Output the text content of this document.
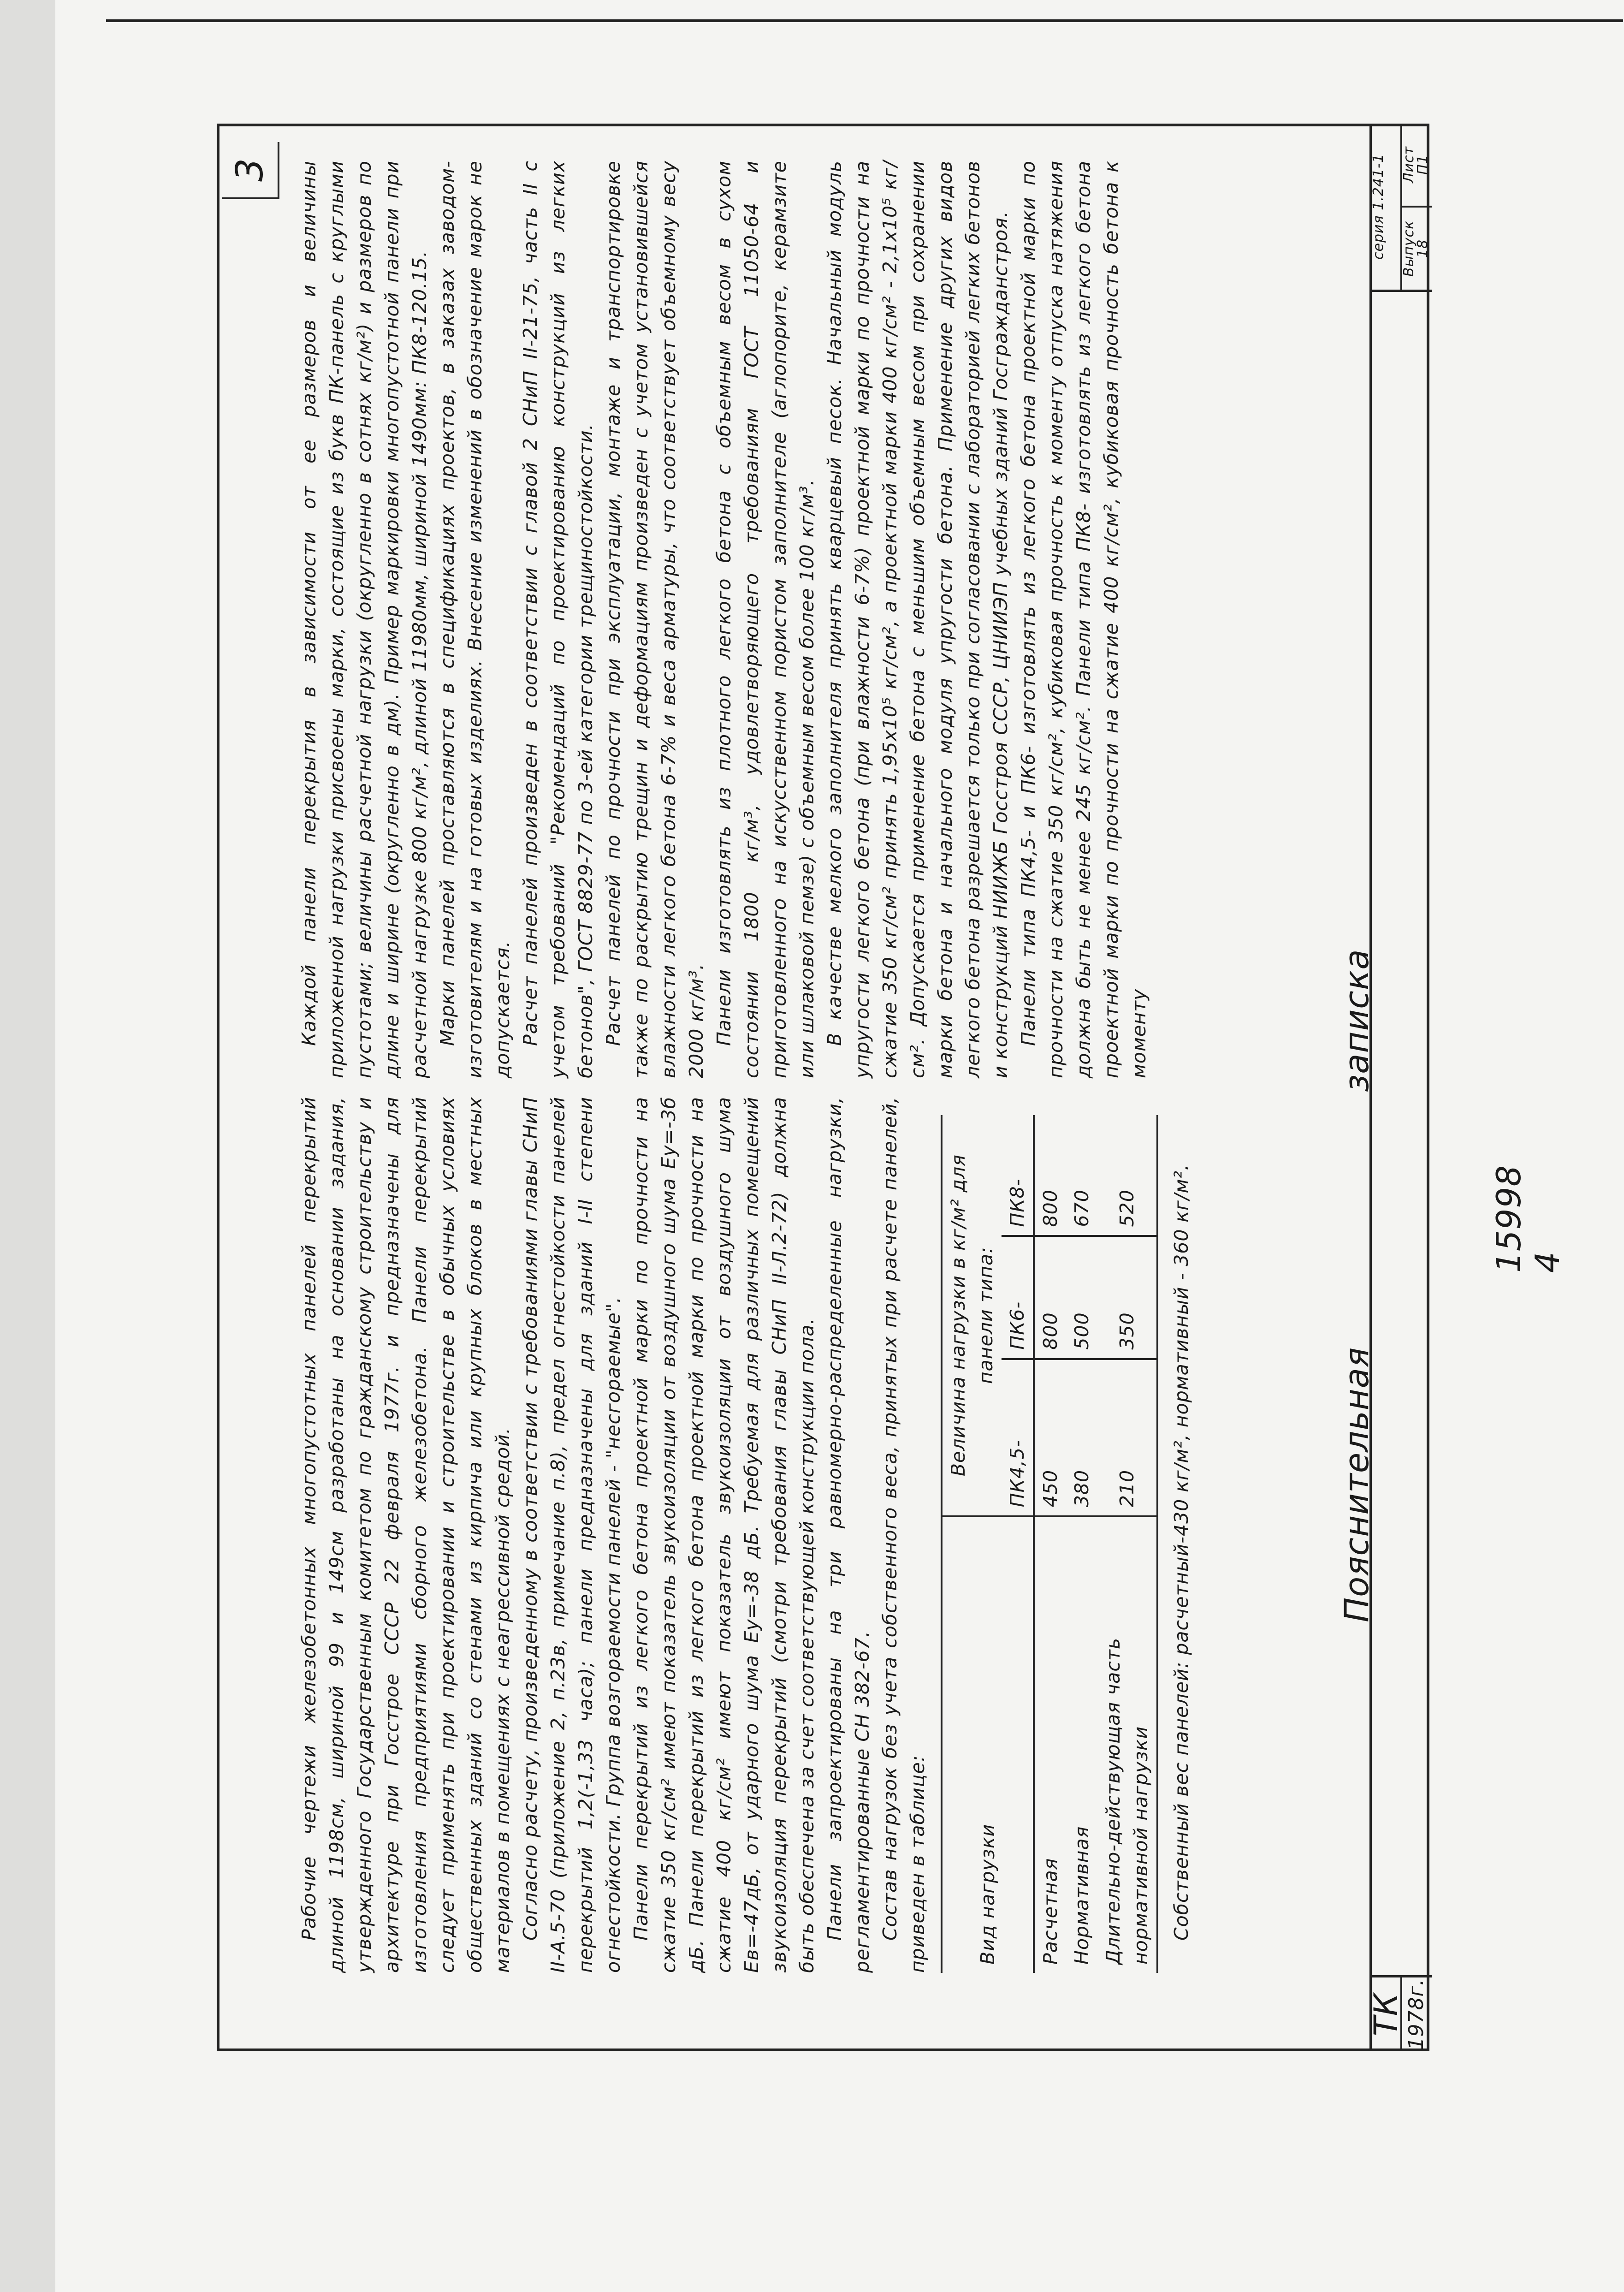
3

Рабочие чертежи железобетонных многопустотных панелей перекрытий длиной 1198см, шириной 99 и 149см разработаны на основании задания, утвержденного Государственным комитетом по гражданскому строительству и архитектуре при Госстрое СССР 22 февраля 1977г. и предназначены для изготовления предприятиями сборного железобетона. Панели перекрытий следует применять при проектировании и строительстве в обычных условиях общественных зданий со стенами из кирпича или крупных блоков в местных материалов в помещениях с неагрессивной средой. Согласно расчету, произведенному в соответствии с требованиями главы СНиП II-А.5-70 (приложение 2, п.23в, примечание п.8), предел огнестойкости панелей перекрытий 1,2(-1,33 часа); панели предназначены для зданий I-II степени огнестойкости. Группа возгораемости панелей - "несгораемые". Панели перекрытий из легкого бетона проектной марки по прочности на сжатие 350 кг/см² имеют показатель звукоизоляции от воздушного шума Еу=-3б дБ. Панели перекрытий из легкого бетона проектной марки по прочности на сжатие 400 кг/см² имеют показатель звукоизоляции от воздушного шума Ев=-47дБ, от ударного шума Еу=-38 дБ. Требуемая для различных помещений звукоизоляция перекрытий (смотри требования главы СНиП II-Л.2-72) должна быть обеспечена за счет соответствующей конструкции пола. Панели запроектированы на три равномерно-распределенные нагрузки, регламентированные СН 382-67. Состав нагрузок без учета собственного веса, принятых при расчете панелей, приведен в таблице:	Вид нагрузки	Величина нагрузки в кг/м² для панели типа:		
	ПК4,5-	ПК6-	ПК8-
Расчетная	450	800	800
Нормативная	380	500	670
Длительно-действующая часть нормативной нагрузки	210	350	520 Собственный вес панелей: расчетный-430 кг/м², нормативный - 360 кг/м².

Каждой панели перекрытия в зависимости от ее размеров и величины приложенной нагрузки присвоены марки, состоящие из букв ПК-панель с круглыми пустотами; величины расчетной нагрузки (округленно в сотнях кг/м²) и размеров по длине и ширине (округленно в дм). Пример маркировки многопустотной панели при расчетной нагрузке 800 кг/м², длиной 11980мм, шириной 1490мм: ПК8-120.15. Марки панелей проставляются в спецификациях проектов, в заказах заводом-изготовителям и на готовых изделиях. Внесение изменений в обозначение марок не допускается. Расчет панелей произведен в соответствии с главой 2 СНиП II-21-75, часть II с учетом требований "Рекомендаций по проектированию конструкций из легких бетонов", ГОСТ 8829-77 по 3-ей категории трещиностойкости. Расчет панелей по прочности при эксплуатации, монтаже и транспортировке также по раскрытию трещин и деформациям произведен с учетом установившейся влажности легкого бетона 6-7% и веса арматуры, что соответствует объемному весу 2000 кг/м³. Панели изготовлять из плотного легкого бетона с объемным весом в сухом состоянии 1800 кг/м³, удовлетворяющего требованиям ГОСТ 11050-64 и приготовленного на искусственном пористом заполнителе (аглопорите, керамзите или шлаковой пемзе) с объемным весом более 100 кг/м³. В качестве мелкого заполнителя принять кварцевый песок. Начальный модуль упругости легкого бетона (при влажности 6-7%) проектной марки по прочности на сжатие 350 кг/см² принять 1,95х10⁵ кг/см², а проектной марки 400 кг/см² - 2,1х10⁵ кг/см². Допускается применение бетона с меньшим объемным весом при сохранении марки бетона и начального модуля упругости бетона. Применение других видов легкого бетона разрешается только при согласовании с лабораторией легких бетонов и конструкций НИИЖБ Госстроя СССР, ЦНИИЭП учебных зданий Госгражданстроя. Панели типа ПК4,5- и ПК6- изготовлять из легкого бетона проектной марки по прочности на сжатие 350 кг/см², кубиковая прочность к моменту отпуска натяжения должна быть не менее 245 кг/см². Панели типа ПК8- изготовлять из легкого бетона проектной марки по прочности на сжатие 400 кг/см², кубиковая прочность бетона к моменту

Пояснительная
записка
ТК 1978г.
серия 1.241-1	Выпуск
18
Лист
П1
15998 4
